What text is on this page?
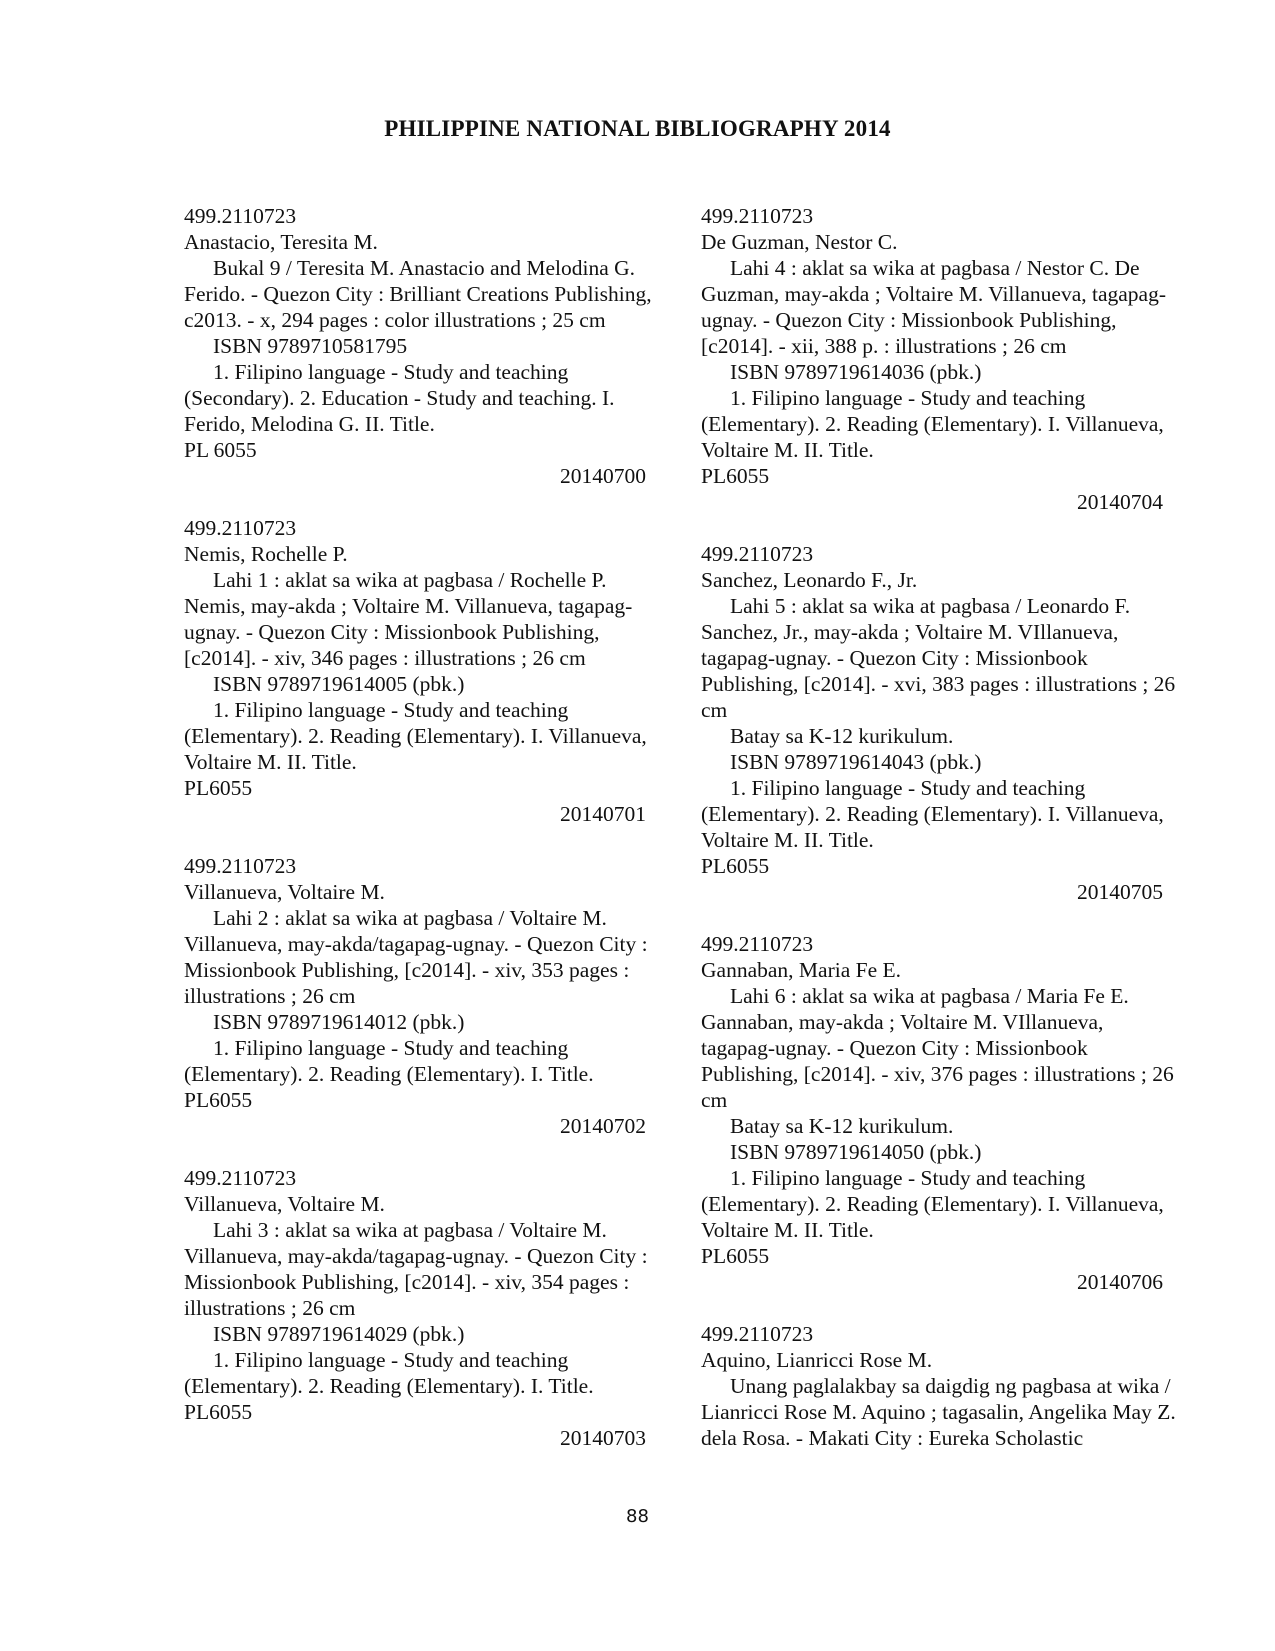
PHILIPPINE NATIONAL BIBLIOGRAPHY 2014

499.2110723

Anastacio, Teresita M.

Bukal 9 / Teresita M. Anastacio and Melodina G. Ferido. - Quezon City : Brilliant Creations Publishing, c2013. - x, 294 pages : color illustrations ; 25 cm

ISBN 9789710581795

1. Filipino language - Study and teaching (Secondary). 2. Education - Study and teaching. I. Ferido, Melodina G. II. Title.

PL 6055

20140700

499.2110723

Nemis, Rochelle P.

Lahi 1 : aklat sa wika at pagbasa / Rochelle P. Nemis, may-akda ; Voltaire M. Villanueva, tagapag-ugnay. - Quezon City : Missionbook Publishing, [c2014]. - xiv, 346 pages : illustrations ; 26 cm

ISBN 9789719614005 (pbk.)

1. Filipino language - Study and teaching (Elementary). 2. Reading (Elementary). I. Villanueva, Voltaire M. II. Title.

PL6055

20140701

499.2110723

Villanueva, Voltaire M.

Lahi 2 : aklat sa wika at pagbasa / Voltaire M. Villanueva, may-akda/tagapag-ugnay. - Quezon City : Missionbook Publishing, [c2014]. - xiv, 353 pages : illustrations ; 26 cm

ISBN 9789719614012 (pbk.)

1. Filipino language - Study and teaching (Elementary). 2. Reading (Elementary). I. Title.

PL6055

20140702

499.2110723

Villanueva, Voltaire M.

Lahi 3 : aklat sa wika at pagbasa / Voltaire M. Villanueva, may-akda/tagapag-ugnay. - Quezon City : Missionbook Publishing, [c2014]. - xiv, 354 pages : illustrations ; 26 cm

ISBN 9789719614029 (pbk.)

1. Filipino language - Study and teaching (Elementary). 2. Reading (Elementary). I. Title.

PL6055

20140703

499.2110723

De Guzman, Nestor C.

Lahi 4 : aklat sa wika at pagbasa / Nestor C. De Guzman, may-akda ; Voltaire M. Villanueva, tagapag-ugnay. - Quezon City : Missionbook Publishing, [c2014]. - xii, 388 p. : illustrations ; 26 cm

ISBN 9789719614036 (pbk.)

1. Filipino language - Study and teaching (Elementary). 2. Reading (Elementary). I. Villanueva, Voltaire M. II. Title.

PL6055

20140704

499.2110723

Sanchez, Leonardo F., Jr.

Lahi 5 : aklat sa wika at pagbasa / Leonardo F. Sanchez, Jr., may-akda ; Voltaire M. VIllanueva, tagapag-ugnay. - Quezon City : Missionbook Publishing, [c2014]. - xvi, 383 pages : illustrations ; 26 cm

Batay sa K-12 kurikulum.

ISBN 9789719614043 (pbk.)

1. Filipino language - Study and teaching (Elementary). 2. Reading (Elementary). I. Villanueva, Voltaire M. II. Title.

PL6055

20140705

499.2110723

Gannaban, Maria Fe E.

Lahi 6 : aklat sa wika at pagbasa / Maria Fe E. Gannaban, may-akda ; Voltaire M. VIllanueva, tagapag-ugnay. - Quezon City : Missionbook Publishing, [c2014]. - xiv, 376 pages : illustrations ; 26 cm

Batay sa K-12 kurikulum.

ISBN 9789719614050 (pbk.)

1. Filipino language - Study and teaching (Elementary). 2. Reading (Elementary). I. Villanueva, Voltaire M. II. Title.

PL6055

20140706

499.2110723

Aquino, Lianricci Rose M.

Unang paglalakbay sa daigdig ng pagbasa at wika / Lianricci Rose M. Aquino ; tagasalin, Angelika May Z. dela Rosa. - Makati City : Eureka Scholastic

88
